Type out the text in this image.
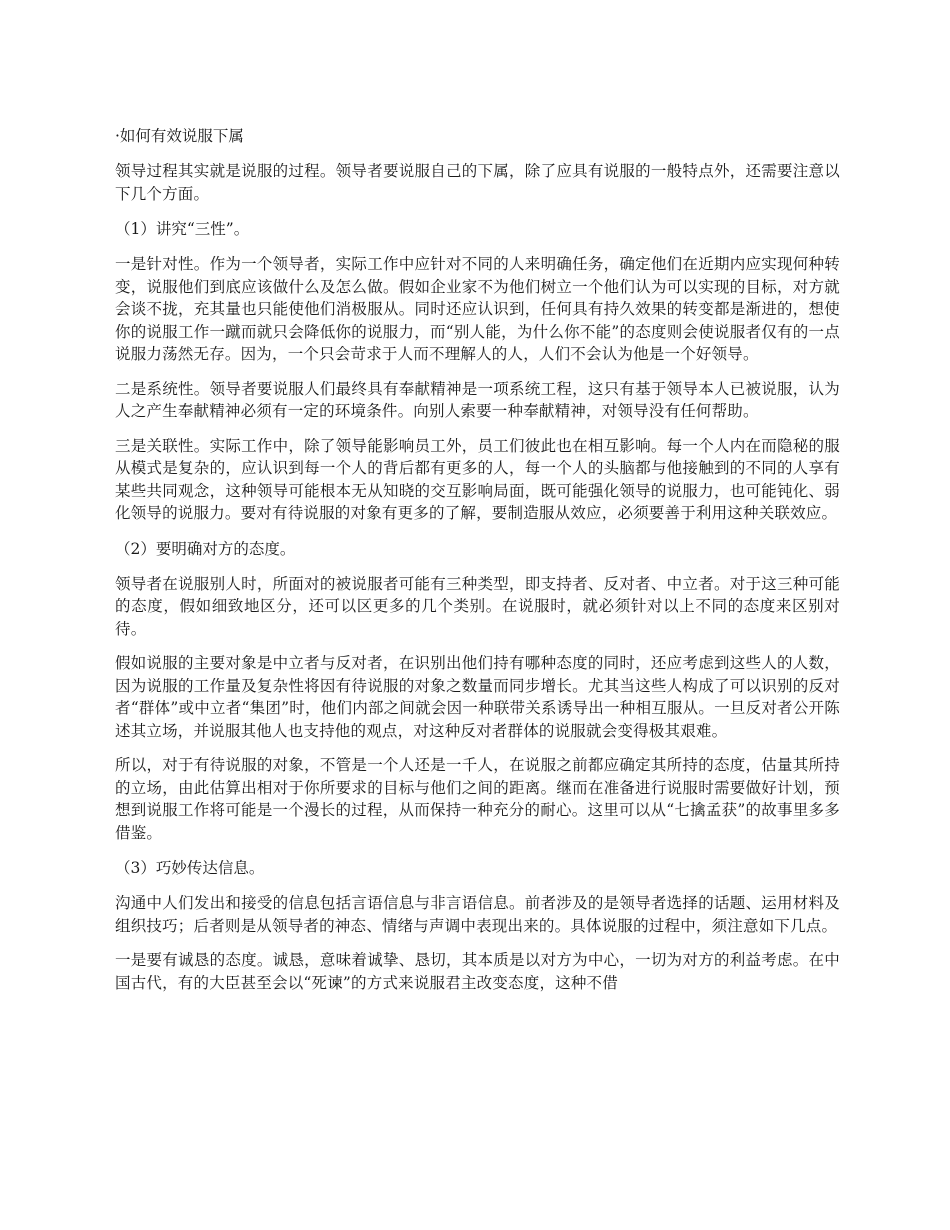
·如何有效说服下属
领导过程其实就是说服的过程。领导者要说服自己的下属，除了应具有说服的一般特点外，还需要注意以下几个方面。
（1）讲究“三性”。
一是针对性。作为一个领导者，实际工作中应针对不同的人来明确任务，确定他们在近期内应实现何种转变，说服他们到底应该做什么及怎么做。假如企业家不为他们树立一个他们认为可以实现的目标，对方就会谈不拢，充其量也只能使他们消极服从。同时还应认识到，任何具有持久效果的转变都是渐进的，想使你的说服工作一蹴而就只会降低你的说服力，而“别人能，为什么你不能”的态度则会使说服者仅有的一点说服力荡然无存。因为，一个只会苛求于人而不理解人的人，人们不会认为他是一个好领导。
二是系统性。领导者要说服人们最终具有奉献精神是一项系统工程，这只有基于领导本人已被说服，认为人之产生奉献精神必须有一定的环境条件。向别人索要一种奉献精神，对领导没有任何帮助。
三是关联性。实际工作中，除了领导能影响员工外，员工们彼此也在相互影响。每一个人内在而隐秘的服从模式是复杂的，应认识到每一个人的背后都有更多的人，每一个人的头脑都与他接触到的不同的人享有某些共同观念，这种领导可能根本无从知晓的交互影响局面，既可能强化领导的说服力，也可能钝化、弱化领导的说服力。要对有待说服的对象有更多的了解，要制造服从效应，必须要善于利用这种关联效应。
（2）要明确对方的态度。
领导者在说服别人时，所面对的被说服者可能有三种类型，即支持者、反对者、中立者。对于这三种可能的态度，假如细致地区分，还可以区更多的几个类别。在说服时，就必须针对以上不同的态度来区别对待。
假如说服的主要对象是中立者与反对者，在识别出他们持有哪种态度的同时，还应考虑到这些人的人数，因为说服的工作量及复杂性将因有待说服的对象之数量而同步增长。尤其当这些人构成了可以识别的反对者“群体”或中立者“集团”时，他们内部之间就会因一种联带关系诱导出一种相互服从。一旦反对者公开陈述其立场，并说服其他人也支持他的观点，对这种反对者群体的说服就会变得极其艰难。
所以，对于有待说服的对象，不管是一个人还是一千人，在说服之前都应确定其所持的态度，估量其所持的立场，由此估算出相对于你所要求的目标与他们之间的距离。继而在准备进行说服时需要做好计划，预想到说服工作将可能是一个漫长的过程，从而保持一种充分的耐心。这里可以从“七擒孟获”的故事里多多借鉴。
（3）巧妙传达信息。
沟通中人们发出和接受的信息包括言语信息与非言语信息。前者涉及的是领导者选择的话题、运用材料及组织技巧；后者则是从领导者的神态、情绪与声调中表现出来的。具体说服的过程中，须注意如下几点。
一是要有诚恳的态度。诚恳，意味着诚挚、恳切，其本质是以对方为中心，一切为对方的利益考虑。在中国古代，有的大臣甚至会以“死谏”的方式来说服君主改变态度，这种不借
